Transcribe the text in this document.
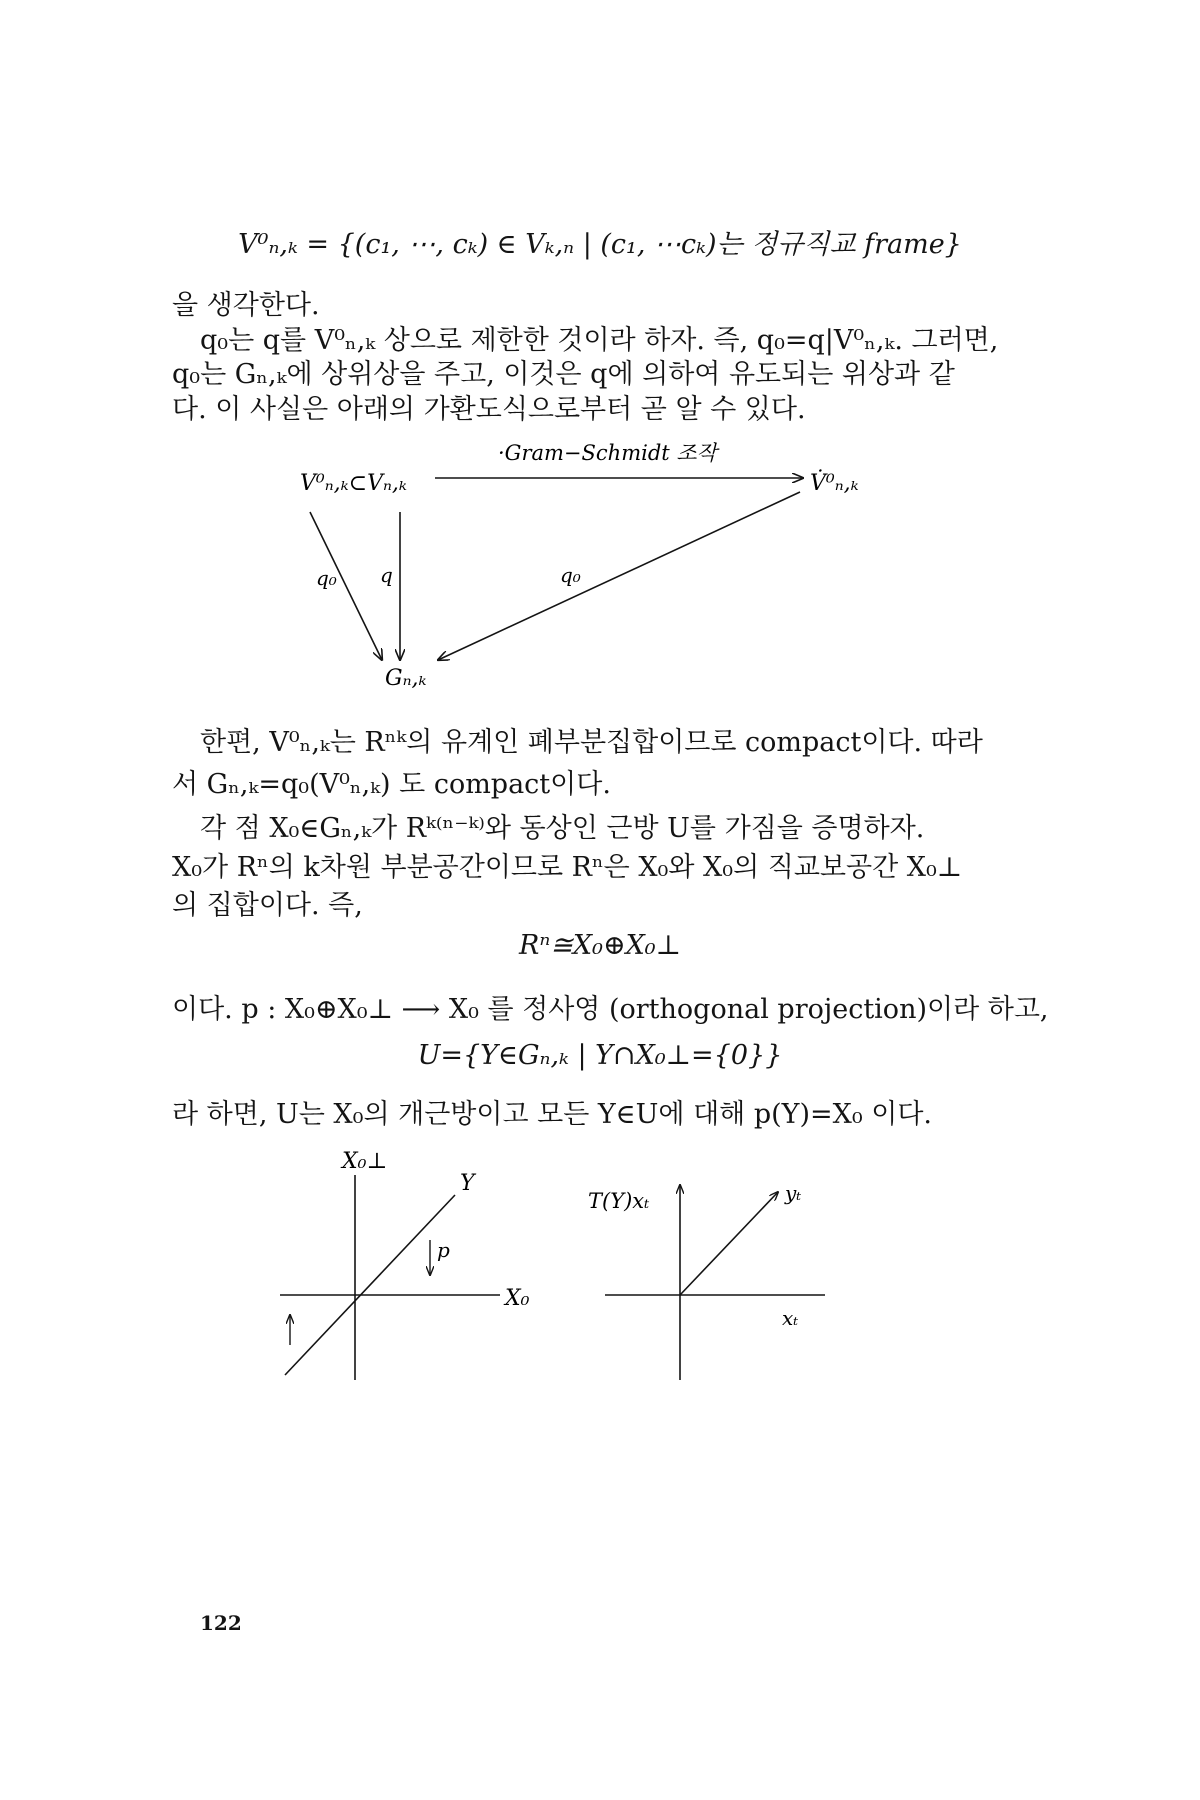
V⁰ₙ,ₖ = {(c₁, ⋯, cₖ) ∈ Vₖ,ₙ | (c₁, ⋯cₖ)는 정규직교 frame}
을 생각한다.
q₀는 q를 V⁰ₙ,ₖ 상으로 제한한 것이라 하자. 즉, q₀=q|V⁰ₙ,ₖ. 그러면,
q₀는 Gₙ,ₖ에 상위상을 주고, 이것은 q에 의하여 유도되는 위상과 같
다. 이 사실은 아래의 가환도식으로부터 곧 알 수 있다.
V⁰ₙ,ₖ⊂Vₙ,ₖ	V̇⁰ₙ,ₖ
Gₙ,ₖ
·Gram−Schmidt 조작
q₀ q	q₀
한편, V⁰ₙ,ₖ는 Rⁿᵏ의 유계인 폐부분집합이므로 compact이다. 따라
서 Gₙ,ₖ=q₀(V⁰ₙ,ₖ) 도 compact이다.
각 점 X₀∈Gₙ,ₖ가 Rᵏ⁽ⁿ⁻ᵏ⁾와 동상인 근방 U를 가짐을 증명하자.
X₀가 Rⁿ의 k차원 부분공간이므로 Rⁿ은 X₀와 X₀의 직교보공간 X₀⊥
의 집합이다. 즉,
Rⁿ≅X₀⊕X₀⊥
이다. p : X₀⊕X₀⊥ ⟶ X₀ 를 정사영 (orthogonal projection)이라 하고,
U={Y∈Gₙ,ₖ | Y∩X₀⊥={0}}
라 하면, U는 X₀의 개근방이고 모든 Y∈U에 대해 p(Y)=X₀ 이다.
X₀⊥
Y
p
X₀
T(Y)xₜ	yₜ
xₜ
122
